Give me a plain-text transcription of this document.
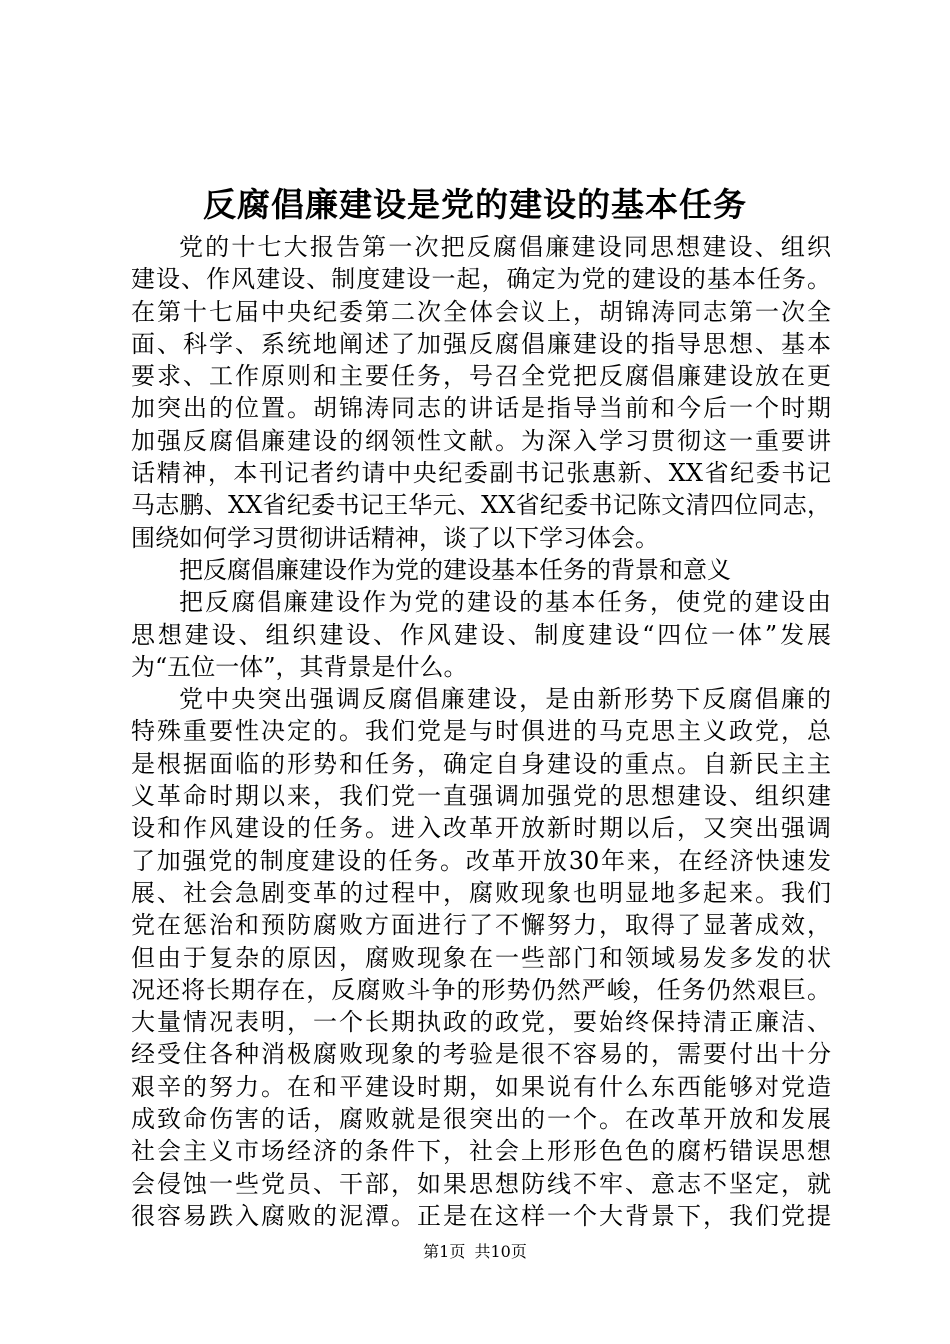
反腐倡廉建设是党的建设的基本任务
党的十七大报告第一次把反腐倡廉建设同思想建设、组织
建设、作风建设、制度建设一起，确定为党的建设的基本任务。
在第十七届中央纪委第二次全体会议上，胡锦涛同志第一次全
面、科学、系统地阐述了加强反腐倡廉建设的指导思想、基本
要求、工作原则和主要任务，号召全党把反腐倡廉建设放在更
加突出的位置。胡锦涛同志的讲话是指导当前和今后一个时期
加强反腐倡廉建设的纲领性文献。为深入学习贯彻这一重要讲
话精神，本刊记者约请中央纪委副书记张惠新、XX省纪委书记
马志鹏、XX省纪委书记王华元、XX省纪委书记陈文清四位同志，
围绕如何学习贯彻讲话精神，谈了以下学习体会。
把反腐倡廉建设作为党的建设基本任务的背景和意义
把反腐倡廉建设作为党的建设的基本任务，使党的建设由
思想建设、组织建设、作风建设、制度建设“四位一体”发展
为“五位一体”，其背景是什么。
党中央突出强调反腐倡廉建设，是由新形势下反腐倡廉的
特殊重要性决定的。我们党是与时俱进的马克思主义政党，总
是根据面临的形势和任务，确定自身建设的重点。自新民主主
义革命时期以来，我们党一直强调加强党的思想建设、组织建
设和作风建设的任务。进入改革开放新时期以后，又突出强调
了加强党的制度建设的任务。改革开放30年来，在经济快速发
展、社会急剧变革的过程中，腐败现象也明显地多起来。我们
党在惩治和预防腐败方面进行了不懈努力，取得了显著成效，
但由于复杂的原因，腐败现象在一些部门和领域易发多发的状
况还将长期存在，反腐败斗争的形势仍然严峻，任务仍然艰巨。
大量情况表明，一个长期执政的政党，要始终保持清正廉洁、
经受住各种消极腐败现象的考验是很不容易的，需要付出十分
艰辛的努力。在和平建设时期，如果说有什么东西能够对党造
成致命伤害的话，腐败就是很突出的一个。在改革开放和发展
社会主义市场经济的条件下，社会上形形色色的腐朽错误思想
会侵蚀一些党员、干部，如果思想防线不牢、意志不坚定，就
很容易跌入腐败的泥潭。正是在这样一个大背景下，我们党提
第1页 共10页
